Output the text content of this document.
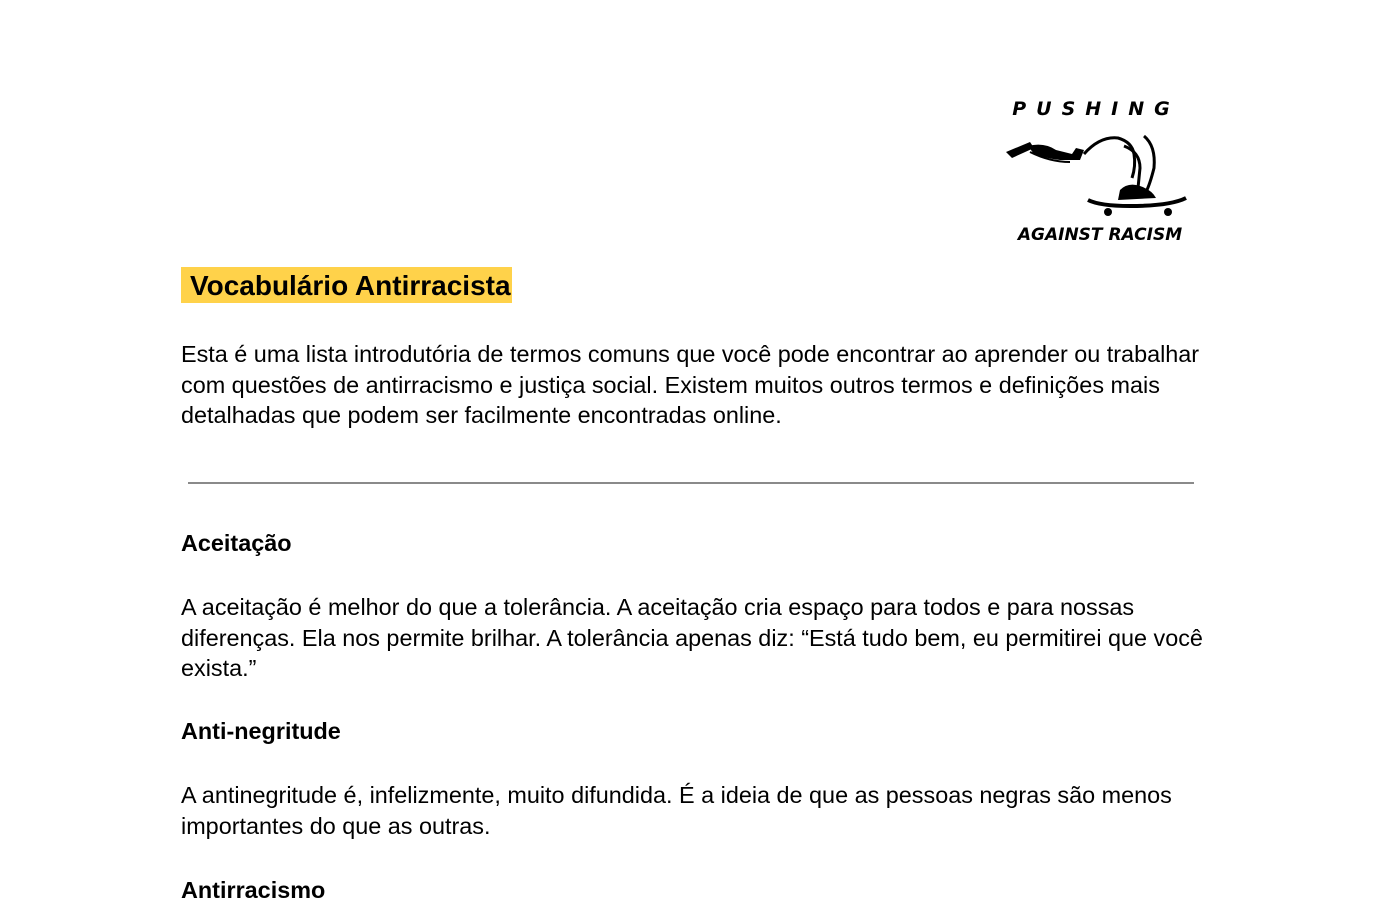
PUSHING
AGAINST RACISM
Vocabulário Antirracista

Esta é uma lista introdutória de termos comuns que você pode encontrar ao aprender ou trabalhar com questões de antirracismo e justiça social. Existem muitos outros termos e definições mais detalhadas que podem ser facilmente encontradas online.

Aceitação

A aceitação é melhor do que a tolerância. A aceitação cria espaço para todos e para nossas diferenças. Ela nos permite brilhar. A tolerância apenas diz: “Está tudo bem, eu permitirei que você exista.”

Anti-negritude

A antinegritude é, infelizmente, muito difundida. É a ideia de que as pessoas negras são menos importantes do que as outras.

Antirracismo
